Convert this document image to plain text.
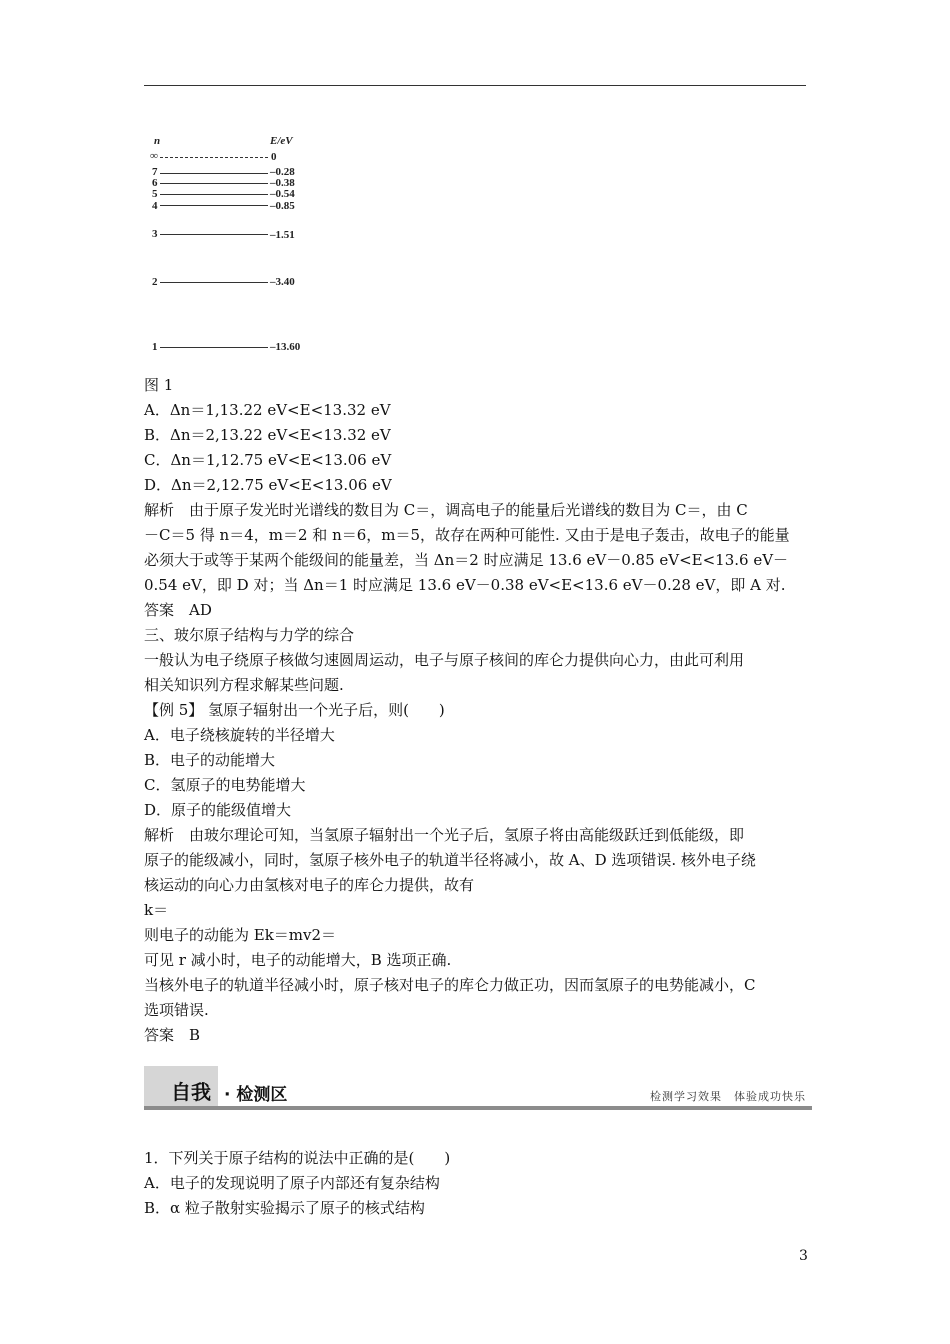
n	E/eV
∞	0
7	–0.28
6	–0.38
5	–0.54
4	–0.85
3	–1.51
2	–3.40
1	–13.60
图 1
A．Δn＝1,13.22 eV<E<13.32 eV
B．Δn＝2,13.22 eV<E<13.32 eV
C．Δn＝1,12.75 eV<E<13.06 eV
D．Δn＝2,12.75 eV<E<13.06 eV
解析　由于原子发光时光谱线的数目为 C＝，调高电子的能量后光谱线的数目为 C＝，由 C
－C＝5 得 n＝4，m＝2 和 n＝6，m＝5，故存在两种可能性. 又由于是电子轰击，故电子的能量
必须大于或等于某两个能级间的能量差，当 Δn＝2 时应满足 13.6 eV－0.85 eV<E<13.6 eV－
0.54 eV，即 D 对；当 Δn＝1 时应满足 13.6 eV－0.38 eV<E<13.6 eV－0.28 eV，即 A 对.
答案　AD
三、玻尔原子结构与力学的综合
一般认为电子绕原子核做匀速圆周运动，电子与原子核间的库仑力提供向心力，由此可利用
相关知识列方程求解某些问题.
【例 5】 氢原子辐射出一个光子后，则(　　)
A．电子绕核旋转的半径增大
B．电子的动能增大
C．氢原子的电势能增大
D．原子的能级值增大
解析　由玻尔理论可知，当氢原子辐射出一个光子后，氢原子将由高能级跃迁到低能级，即
原子的能级减小，同时，氢原子核外电子的轨道半径将减小，故 A、D 选项错误. 核外电子绕
核运动的向心力由氢核对电子的库仑力提供，故有
k＝
则电子的动能为 Ek＝mv2＝
可见 r 减小时，电子的动能增大，B 选项正确.
当核外电子的轨道半径减小时，原子核对电子的库仑力做正功，因而氢原子的电势能减小，C
选项错误.
答案　B
自我 · 检测区	检测学习效果　体验成功快乐
1．下列关于原子结构的说法中正确的是(　　)
A．电子的发现说明了原子内部还有复杂结构
B．α 粒子散射实验揭示了原子的核式结构
3
